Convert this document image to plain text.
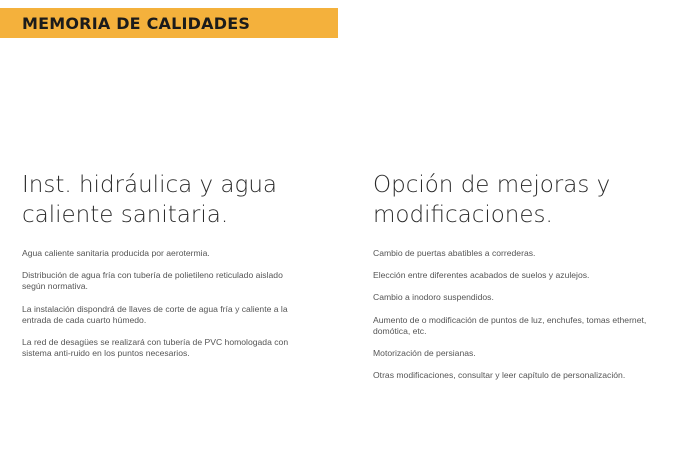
MEMORIA DE CALIDADES
Inst. hidráulica y agua
caliente sanitaria.

Agua caliente sanitaria producida por aerotermia.

Distribución de agua fría con tubería de polietileno reticulado aislado
según normativa.

La instalación dispondrá de llaves de corte de agua fría y caliente a la
entrada de cada cuarto húmedo.

La red de desagües se realizará con tubería de PVC homologada con
sistema anti-ruido en los puntos necesarios.

Opción de mejoras y
modificaciones.

Cambio de puertas abatibles a correderas.

Elección entre diferentes acabados de suelos y azulejos.

Cambio a inodoro suspendidos.

Aumento de o modificación de puntos de luz, enchufes, tomas ethernet,
domótica, etc.

Motorización de persianas.

Otras modificaciones, consultar y leer capítulo de personalización.
